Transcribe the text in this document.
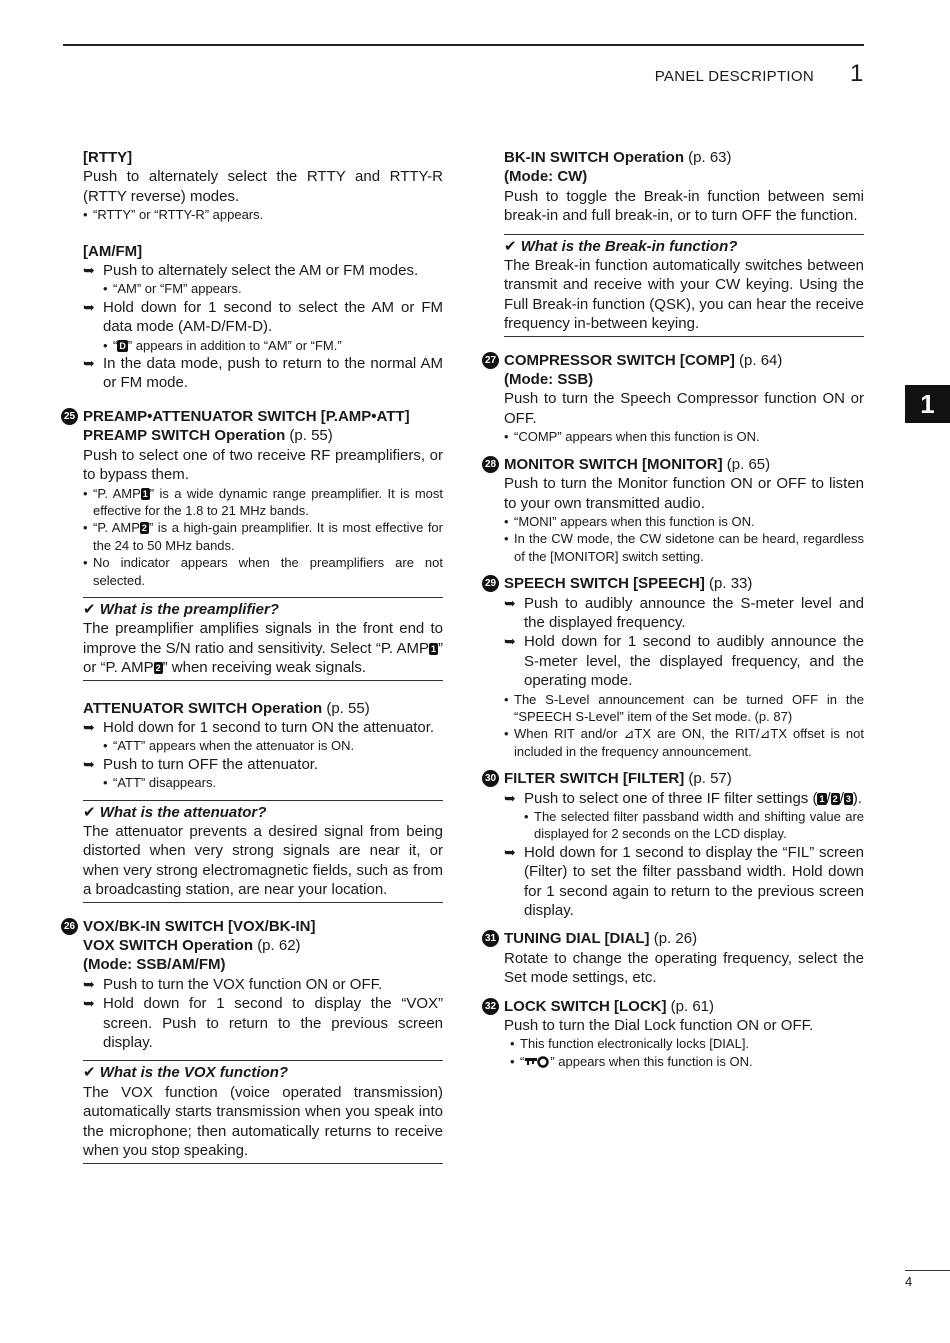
PANEL DESCRIPTION 1
1
4

[RTTY]

Push to alternately select the RTTY and RTTY-R (RTTY reverse) modes.

• “RTTY” or “RTTY-R” appears.

[AM/FM]

➥ Push to alternately select the AM or FM modes.
• “AM” or “FM” appears.
➥ Hold down for 1 second to select the AM or FM data mode (AM-D/FM-D).
• “ D ” appears in addition to “AM” or “FM.”
➥ In the data mode, push to return to the normal AM or FM mode.
25 PREAMP•ATTENUATOR SWITCH [P.AMP•ATT]

PREAMP SWITCH Operation (p. 55)

Push to select one of two receive RF preamplifiers, or to bypass them.

• “P. AMP 1 ” is a wide dynamic range preamplifier. It is most effective for the 1.8 to 21 MHz bands.
• “P. AMP 2 ” is a high-gain preamplifier. It is most effective for the 24 to 50 MHz bands.
• No indicator appears when the preamplifiers are not selected.

✔ What is the preamplifier?

The preamplifier amplifies signals in the front end to improve the S/N ratio and sensitivity. Select “P. AMP 1 ” or “P. AMP 2 ” when receiving weak signals.

ATTENUATOR SWITCH Operation (p. 55)

➥ Hold down for 1 second to turn ON the attenuator.
• “ATT” appears when the attenuator is ON.
➥ Push to turn OFF the attenuator.
• “ATT” disappears.

✔ What is the attenuator?

The attenuator prevents a desired signal from being distorted when very strong signals are near it, or when very strong electromagnetic fields, such as from a broadcasting station, are near your location.

26 VOX/BK-IN SWITCH [VOX/BK-IN]

VOX SWITCH Operation (p. 62)

(Mode: SSB/AM/FM)

➥ Push to turn the VOX function ON or OFF.
➥ Hold down for 1 second to display the “VOX” screen. Push to return to the previous screen display.

✔ What is the VOX function?

The VOX function (voice operated transmission) automatically starts transmission when you speak into the microphone; then automatically returns to receive when you stop speaking.

BK-IN SWITCH Operation (p. 63)

(Mode: CW)

Push to toggle the Break-in function between semi break-in and full break-in, or to turn OFF the function.

✔ What is the Break-in function?

The Break-in function automatically switches between transmit and receive with your CW keying. Using the Full Break-in function (QSK), you can hear the receive frequency in-between keying.

27 COMPRESSOR SWITCH [COMP] (p. 64)

(Mode: SSB)

Push to turn the Speech Compressor function ON or OFF.

• “COMP” appears when this function is ON.
28 MONITOR SWITCH [MONITOR] (p. 65)

Push to turn the Monitor function ON or OFF to listen to your own transmitted audio.

• “MONI” appears when this function is ON.
• In the CW mode, the CW sidetone can be heard, regardless of the [MONITOR] switch setting.
29 SPEECH SWITCH [SPEECH] (p. 33)
➥ Push to audibly announce the S-meter level and the displayed frequency.
➥ Hold down for 1 second to audibly announce the S-meter level, the displayed frequency, and the operating mode.
• The S-Level announcement can be turned OFF in the “SPEECH S-Level” item of the Set mode. (p. 87)
• When RIT and/or ⊿TX are ON, the RIT/⊿TX offset is not included in the frequency announcement.
30 FILTER SWITCH [FILTER] (p. 57)
➥ Push to select one of three IF filter settings ( 1 / 2 / 3 ).
• The selected filter passband width and shifting value are displayed for 2 seconds on the LCD display.
➥ Hold down for 1 second to display the “FIL” screen (Filter) to set the filter passband width. Hold down for 1 second again to return to the previous screen display.
31 TUNING DIAL [DIAL] (p. 26)

Rotate to change the operating frequency, select the Set mode settings, etc.

32 LOCK SWITCH [LOCK] (p. 61)

Push to turn the Dial Lock function ON or OFF.

• This function electronically locks [DIAL].
• “ ” appears when this function is ON.
